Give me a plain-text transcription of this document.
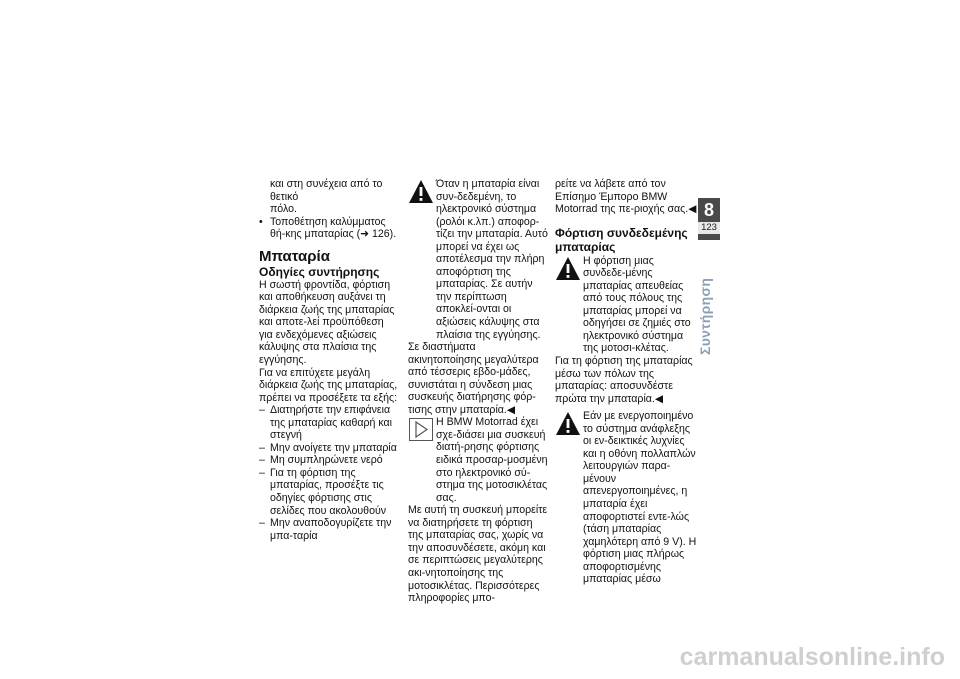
και στη συνέχεια από το θετικό

πόλο.

• Τοποθέτηση καλύμματος θή-κης μπαταρίας (➜ 126).

Μπαταρία

Οδηγίες συντήρησης

Η σωστή φροντίδα, φόρτιση και αποθήκευση αυξάνει τη διάρκεια ζωής της μπαταρίας και αποτε-λεί προϋπόθεση για ενδεχόμενες αξιώσεις κάλυψης στα πλαίσια της εγγύησης.

Για να επιτύχετε μεγάλη διάρκεια ζωής της μπαταρίας, πρέπει να προσέξετε τα εξής:

– Διατηρήστε την επιφάνεια της μπαταρίας καθαρή και στεγνή
– Μην ανοίγετε την μπαταρία
– Μη συμπληρώνετε νερό
– Για τη φόρτιση της μπαταρίας, προσέξτε τις οδηγίες φόρτισης στις σελίδες που ακολουθούν
– Μην αναποδογυρίζετε την μπα-ταρία

Όταν η μπαταρία είναι συν-δεδεμένη, το ηλεκτρονικό σύστημα (ρολόι κ.λπ.) αποφορ-τίζει την μπαταρία. Αυτό μπορεί να έχει ως αποτέλεσμα την πλήρη αποφόρτιση της μπαταρίας. Σε αυτήν την περίπτωση αποκλεί-ονται οι αξιώσεις κάλυψης στα πλαίσια της εγγύησης.

Σε διαστήματα ακινητοποίησης μεγαλύτερα από τέσσερις εβδο-μάδες, συνιστάται η σύνδεση μιας συσκευής διατήρησης φόρ-τισης στην μπαταρία.◀

Η BMW Motorrad έχει σχε-διάσει μια συσκευή διατή-ρησης φόρτισης ειδικά προσαρ-μοσμένη στο ηλεκτρονικό σύ-στημα της μοτοσικλέτας σας.

Με αυτή τη συσκευή μπορείτε να διατηρήσετε τη φόρτιση της μπαταρίας σας, χωρίς να την αποσυνδέσετε, ακόμη και σε περιπτώσεις μεγαλύτερης ακι-νητοποίησης της μοτοσικλέτας. Περισσότερες πληροφορίες μπο-

ρείτε να λάβετε από τον Επίσημο Έμπορο BMW Motorrad της πε-ριοχής σας.◀

Φόρτιση συνδεδεμένης μπαταρίας

Η φόρτιση μιας συνδεδε-μένης μπαταρίας απευθείας από τους πόλους της μπαταρίας μπορεί να οδηγήσει σε ζημιές στο ηλεκτρονικό σύστημα της μοτοσι-κλέτας.

Για τη φόρτιση της μπαταρίας μέσω των πόλων της μπαταρίας: αποσυνδέστε πρώτα την μπαταρία.◀

Εάν με ενεργοποιημένο το σύστημα ανάφλεξης οι εν-δεικτικές λυχνίες και η οθόνη πολλαπλών λειτουργιών παρα-μένουν απενεργοποιημένες, η μπαταρία έχει αποφορτιστεί εντε-λώς (τάση μπαταρίας χαμηλότερη από 9 V). Η φόρτιση μιας πλήρως αποφορτισμένης μπαταρίας μέσω

8
123
Συντήρηση
carmanualsonline.info
